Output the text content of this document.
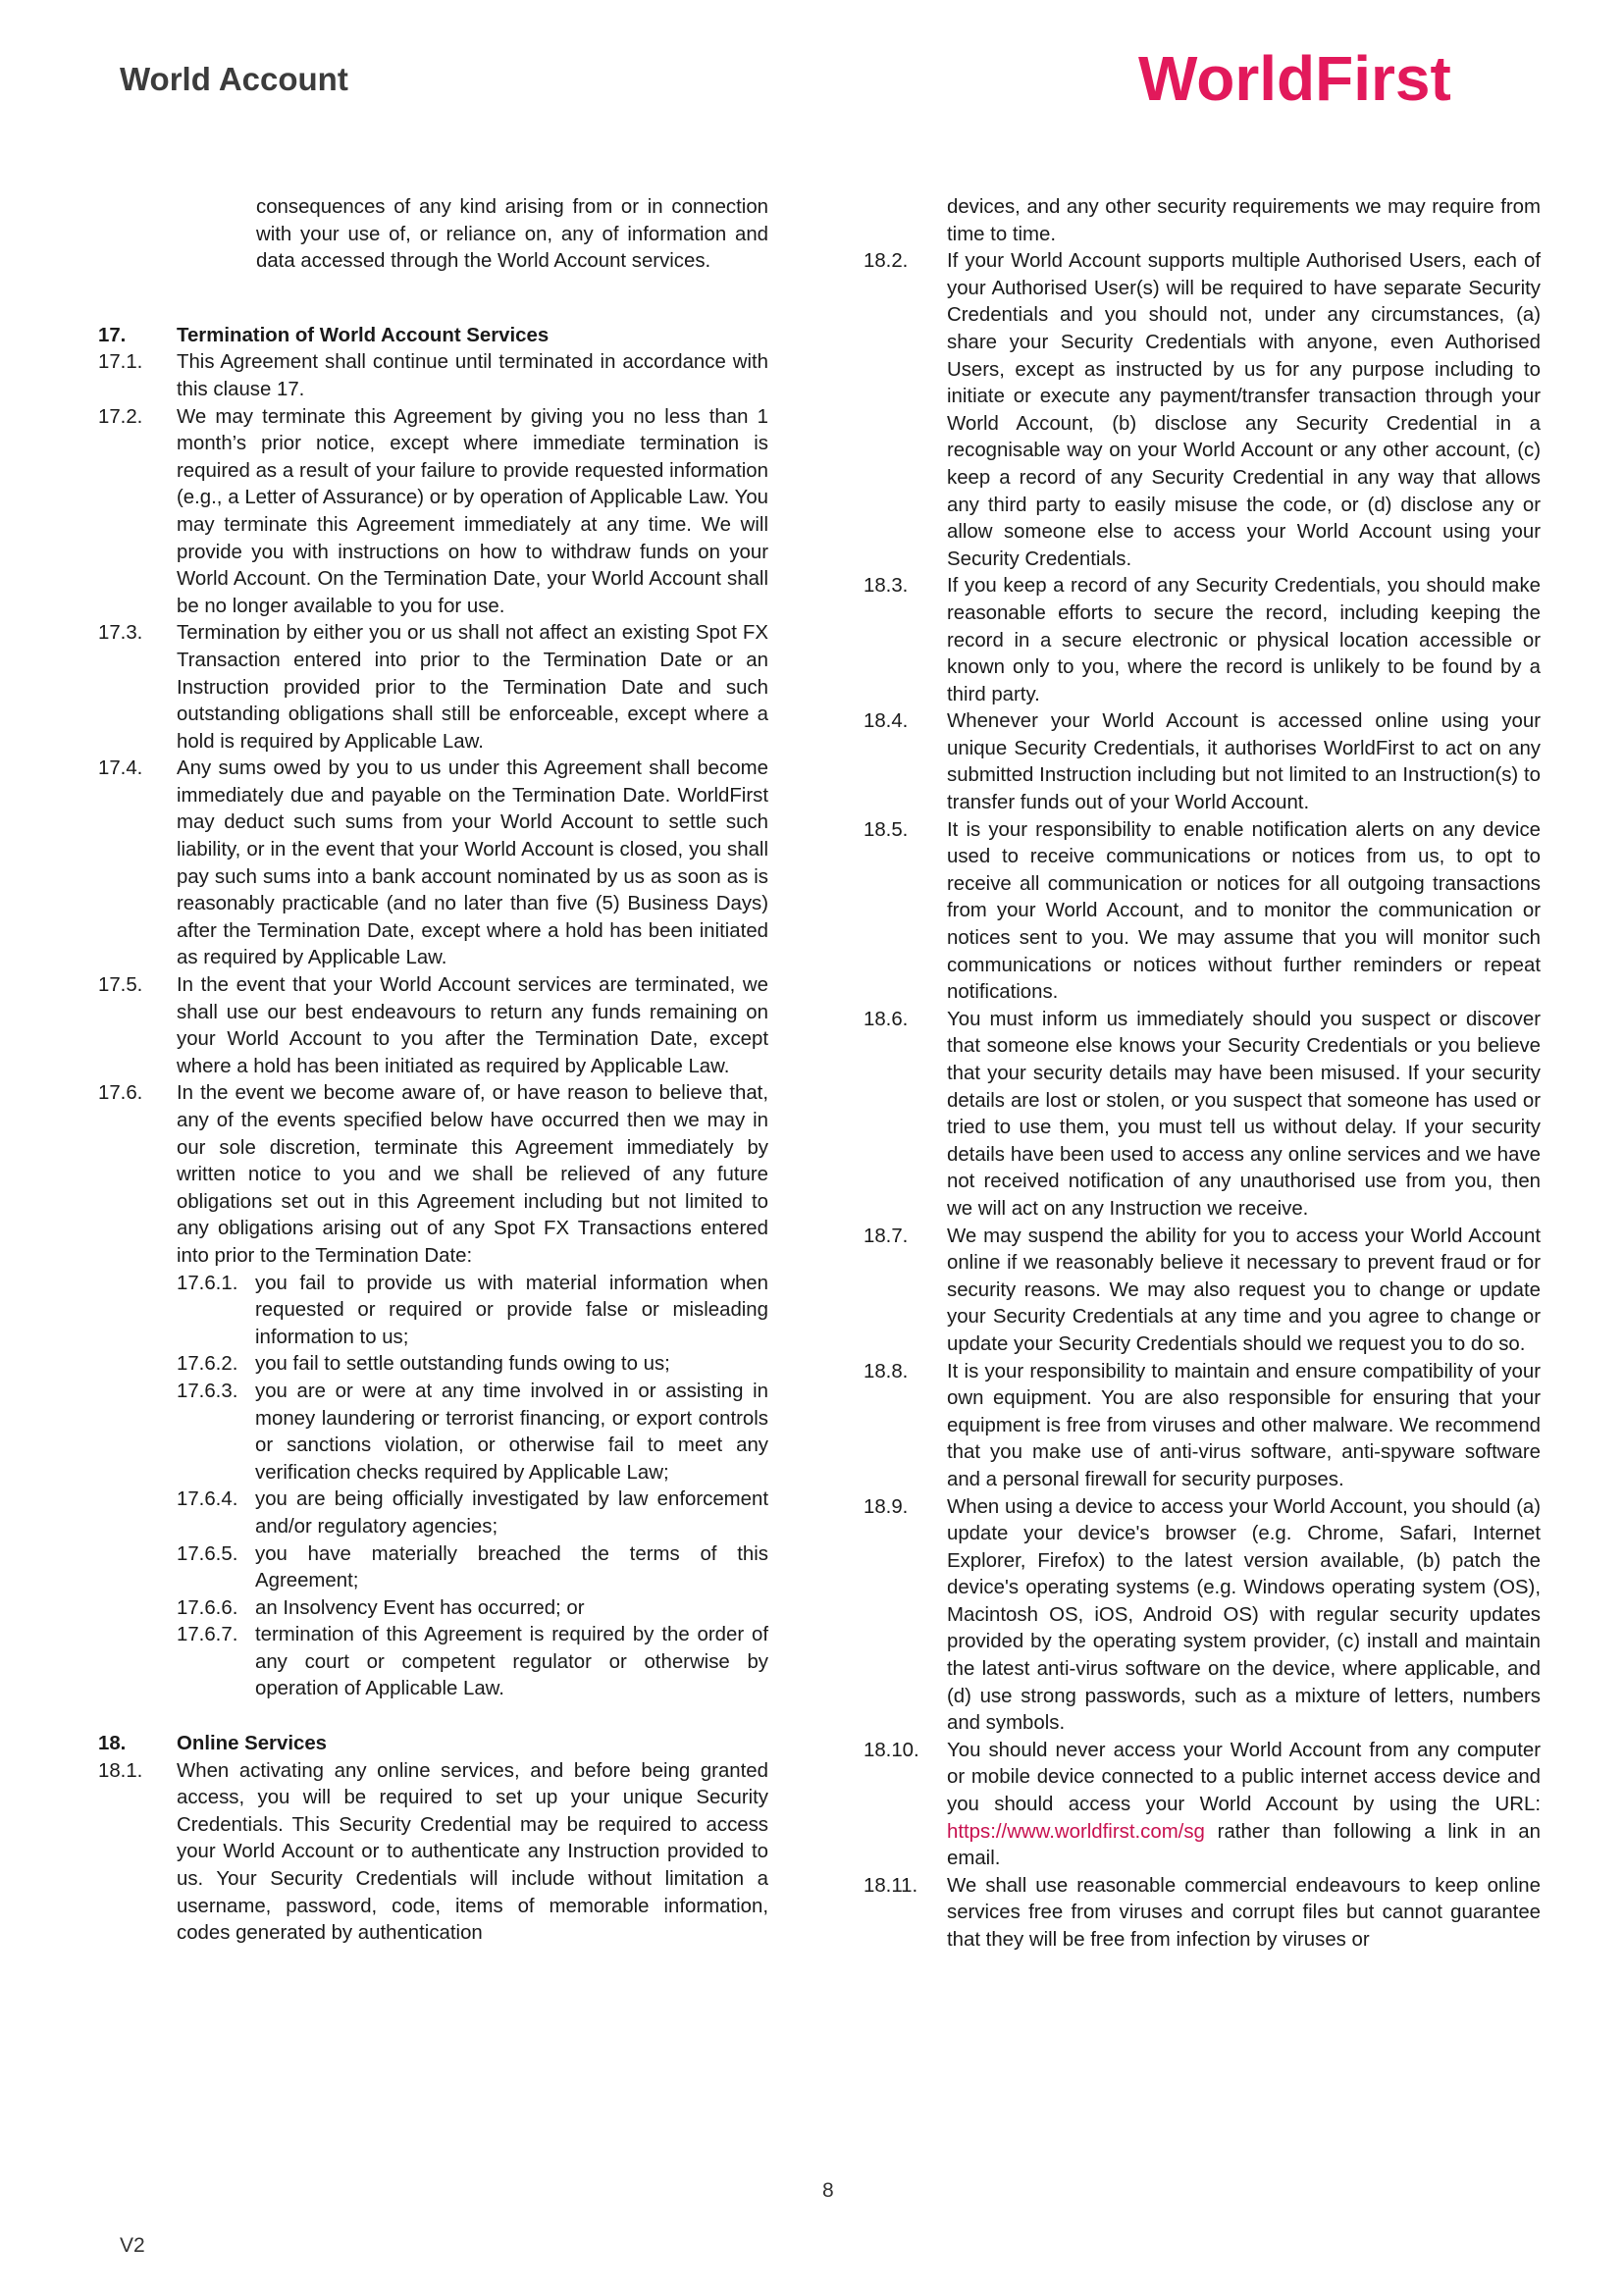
World Account	WorldFirst
consequences of any kind arising from or in connection with your use of, or reliance on, any of information and data accessed through the World Account services.
17.	Termination of World Account Services
17.1.	This Agreement shall continue until terminated in accordance with this clause 17.
17.2.	We may terminate this Agreement by giving you no less than 1 month’s prior notice, except where immediate termination is required as a result of your failure to provide requested information (e.g., a Letter of Assurance) or by operation of Applicable Law. You may terminate this Agreement immediately at any time. We will provide you with instructions on how to withdraw funds on your World Account. On the Termination Date, your World Account shall be no longer available to you for use.
17.3.	Termination by either you or us shall not affect an existing Spot FX Transaction entered into prior to the Termination Date or an Instruction provided prior to the Termination Date and such outstanding obligations shall still be enforceable, except where a hold is required by Applicable Law.
17.4.	Any sums owed by you to us under this Agreement shall become immediately due and payable on the Termination Date. WorldFirst may deduct such sums from your World Account to settle such liability, or in the event that your World Account is closed, you shall pay such sums into a bank account nominated by us as soon as is reasonably practicable (and no later than five (5) Business Days) after the Termination Date, except where a hold has been initiated as required by Applicable Law.
17.5.	In the event that your World Account services are terminated, we shall use our best endeavours to return any funds remaining on your World Account to you after the Termination Date, except where a hold has been initiated as required by Applicable Law.
17.6.	In the event we become aware of, or have reason to believe that, any of the events specified below have occurred then we may in our sole discretion, terminate this Agreement immediately by written notice to you and we shall be relieved of any future obligations set out in this Agreement including but not limited to any obligations arising out of any Spot FX Transactions entered into prior to the Termination Date:
17.6.1. you fail to provide us with material information when requested or required or provide false or misleading information to us;
17.6.2. you fail to settle outstanding funds owing to us;
17.6.3. you are or were at any time involved in or assisting in money laundering or terrorist financing, or export controls or sanctions violation, or otherwise fail to meet any verification checks required by Applicable Law;
17.6.4. you are being officially investigated by law enforcement and/or regulatory agencies;
17.6.5. you have materially breached the terms of this Agreement;
17.6.6. an Insolvency Event has occurred; or
17.6.7. termination of this Agreement is required by the order of any court or competent regulator or otherwise by operation of Applicable Law.
18.	Online Services
18.1.	When activating any online services, and before being granted access, you will be required to set up your unique Security Credentials. This Security Credential may be required to access your World Account or to authenticate any Instruction provided to us. Your Security Credentials will include without limitation a username, password, code, items of memorable information, codes generated by authentication
devices, and any other security requirements we may require from time to time.
18.2.	If your World Account supports multiple Authorised Users, each of your Authorised User(s) will be required to have separate Security Credentials and you should not, under any circumstances, (a) share your Security Credentials with anyone, even Authorised Users, except as instructed by us for any purpose including to initiate or execute any payment/transfer transaction through your World Account, (b) disclose any Security Credential in a recognisable way on your World Account or any other account, (c) keep a record of any Security Credential in any way that allows any third party to easily misuse the code, or (d) disclose any or allow someone else to access your World Account using your Security Credentials.
18.3.	If you keep a record of any Security Credentials, you should make reasonable efforts to secure the record, including keeping the record in a secure electronic or physical location accessible or known only to you, where the record is unlikely to be found by a third party.
18.4.	Whenever your World Account is accessed online using your unique Security Credentials, it authorises WorldFirst to act on any submitted Instruction including but not limited to an Instruction(s) to transfer funds out of your World Account.
18.5.	It is your responsibility to enable notification alerts on any device used to receive communications or notices from us, to opt to receive all communication or notices for all outgoing transactions from your World Account, and to monitor the communication or notices sent to you. We may assume that you will monitor such communications or notices without further reminders or repeat notifications.
18.6.	You must inform us immediately should you suspect or discover that someone else knows your Security Credentials or you believe that your security details may have been misused. If your security details are lost or stolen, or you suspect that someone has used or tried to use them, you must tell us without delay. If your security details have been used to access any online services and we have not received notification of any unauthorised use from you, then we will act on any Instruction we receive.
18.7.	We may suspend the ability for you to access your World Account online if we reasonably believe it necessary to prevent fraud or for security reasons. We may also request you to change or update your Security Credentials at any time and you agree to change or update your Security Credentials should we request you to do so.
18.8.	It is your responsibility to maintain and ensure compatibility of your own equipment. You are also responsible for ensuring that your equipment is free from viruses and other malware. We recommend that you make use of anti-virus software, anti-spyware software and a personal firewall for security purposes.
18.9.	When using a device to access your World Account, you should (a) update your device's browser (e.g. Chrome, Safari, Internet Explorer, Firefox) to the latest version available, (b) patch the device's operating systems (e.g. Windows operating system (OS), Macintosh OS, iOS, Android OS) with regular security updates provided by the operating system provider, (c) install and maintain the latest anti-virus software on the device, where applicable, and (d) use strong passwords, such as a mixture of letters, numbers and symbols.
18.10.	You should never access your World Account from any computer or mobile device connected to a public internet access device and you should access your World Account by using the URL: https://www.worldfirst.com/sg rather than following a link in an email.
18.11.	We shall use reasonable commercial endeavours to keep online services free from viruses and corrupt files but cannot guarantee that they will be free from infection by viruses or
8
V2
